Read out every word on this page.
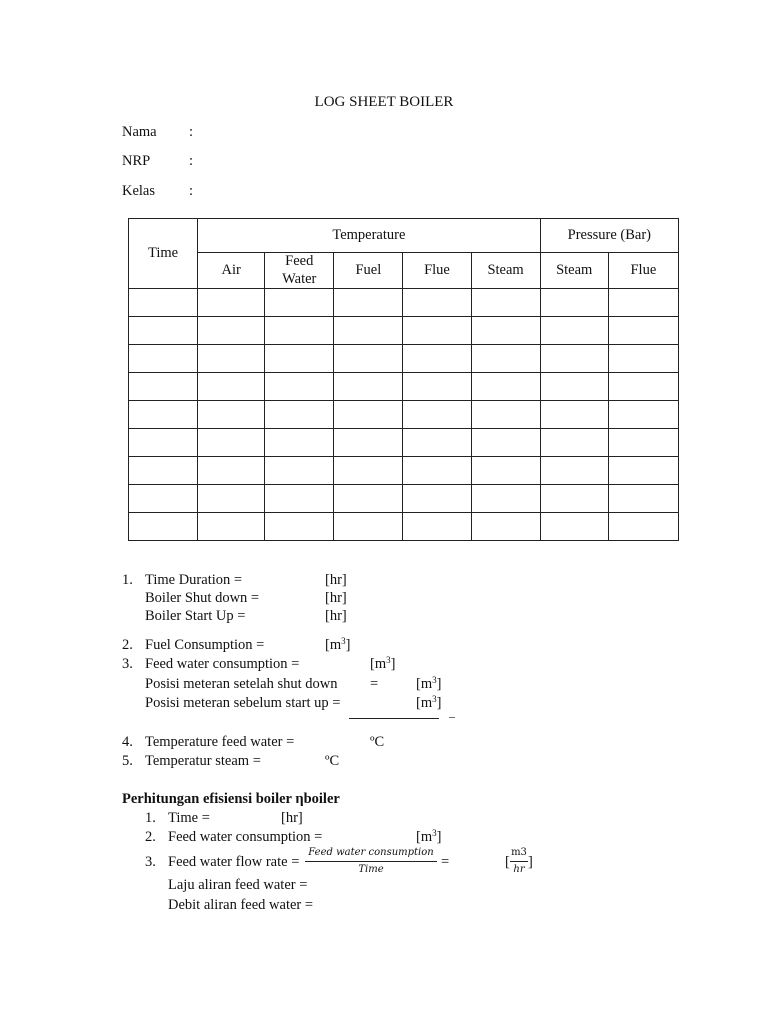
LOG SHEET BOILER
Nama :
NRP	:
Kelas :
Time	Temperature					Pressure (Bar)	
	Air	Feed Water	Fuel	Flue	Steam	Steam	Flue

1. Time Duration =	[hr]
Boiler Shut down =	[hr]
Boiler Start Up =	[hr]
2. Fuel Consumption =	$[m^3]$
3. Feed water consumption =	$[m^3]$
Posisi meteran setelah shut down =	$[m^3]$
Posisi meteran sebelum start up =	$[m^3]$
–
4. Temperature feed water =	ºC
5. Temperatur steam =	ºC
Perhitungan efisiensi boiler ηboiler
1. Time =	[hr]
2. Feed water consumption =	$[m^3]$
3. Feed water flow rate =
Feed water consumption
Time	=	[
m3
hr ]
Laju aliran feed water =
Debit aliran feed water =
